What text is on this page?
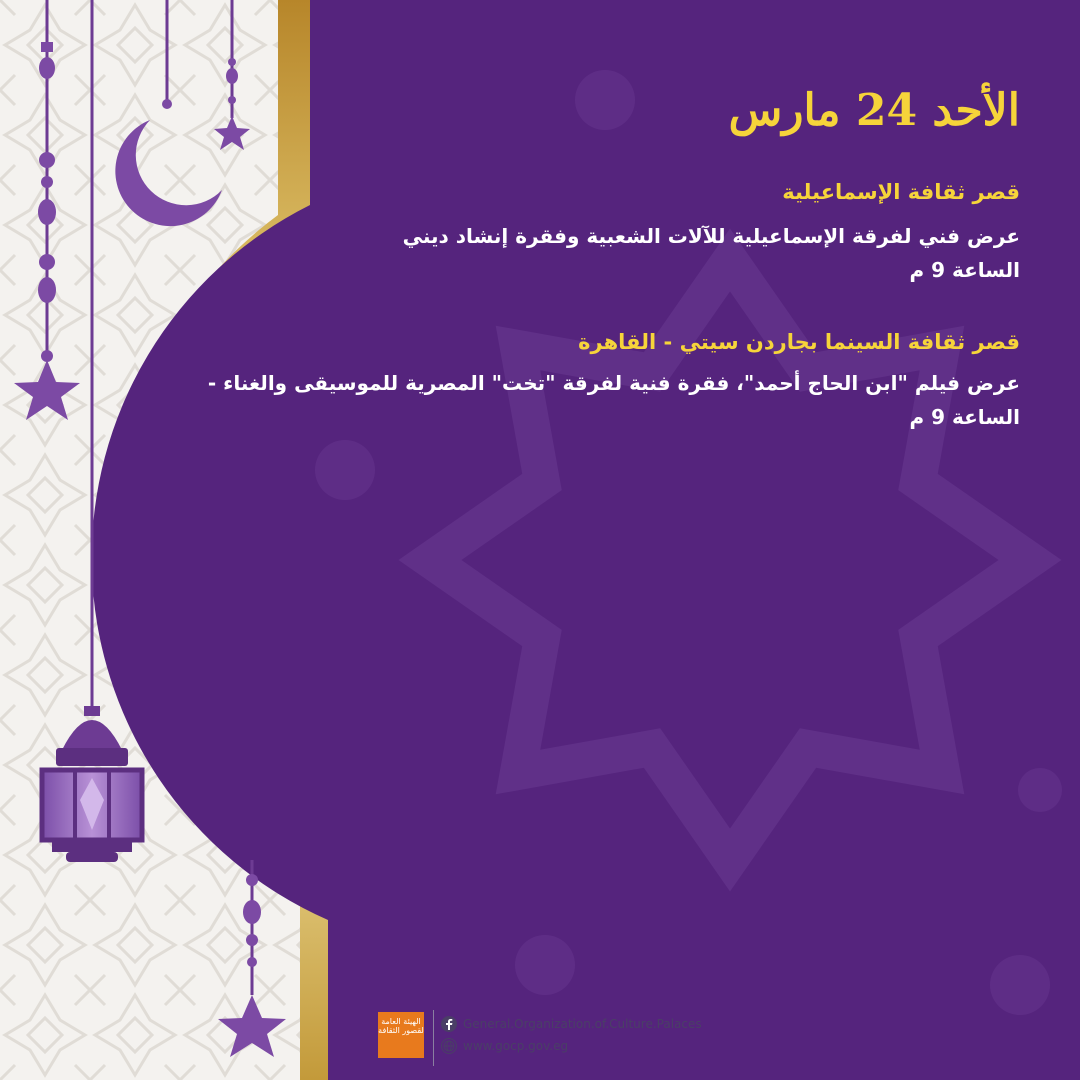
الأحد 24 مارس
قصر ثقافة الإسماعيلية
عرض فني لفرقة الإسماعيلية للآلات الشعبية وفقرة إنشاد ديني
الساعة 9 م
قصر ثقافة السينما بجاردن سيتي - القاهرة
عرض فيلم "ابن الحاج أحمد"، فقرة فنية لفرقة "تخت" المصرية للموسيقى والغناء -
الساعة 9 م
الهيئة العامة لقصور الثقافة	General.Organization.of.Culture.Palaces
www.gocp.gov.eg
